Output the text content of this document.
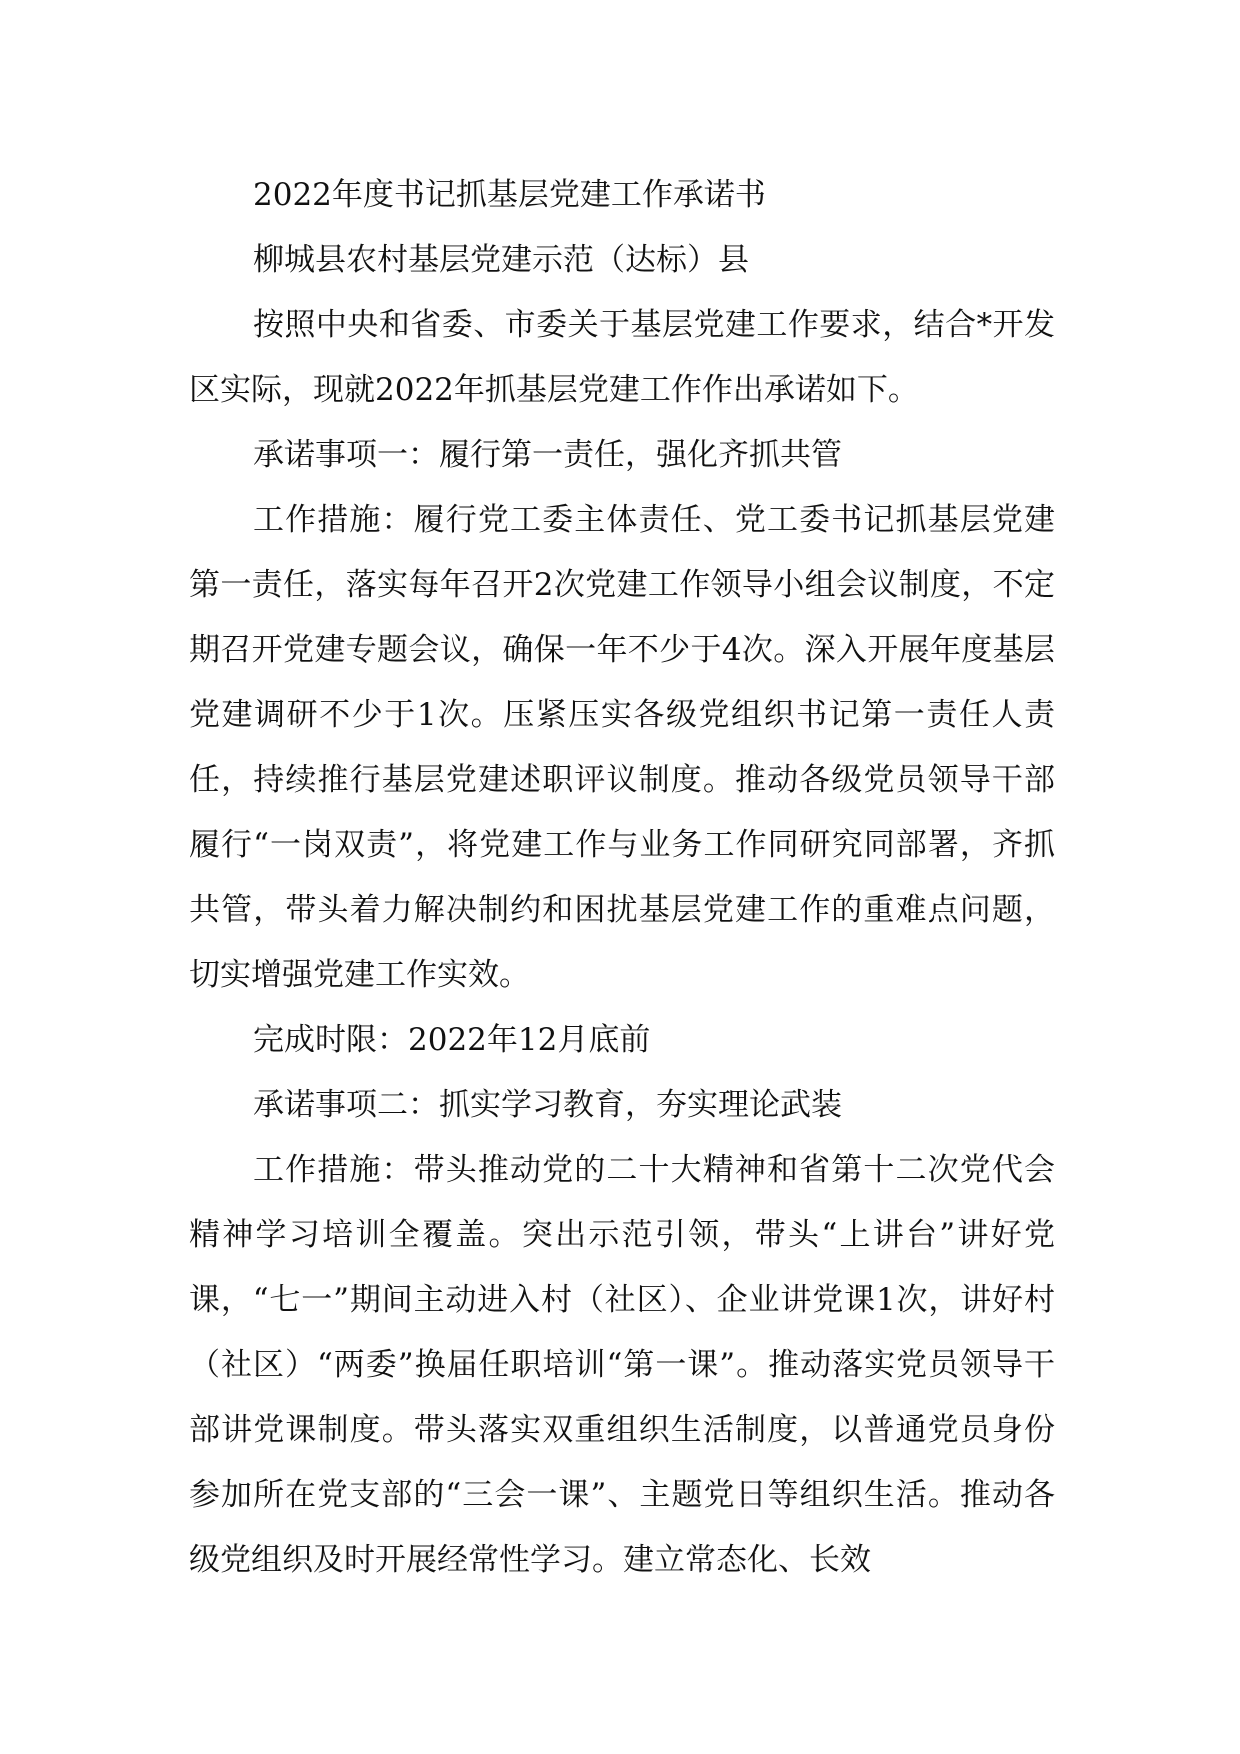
2022年度书记抓基层党建工作承诺书

柳城县农村基层党建示范（达标）县

按照中央和省委、市委关于基层党建工作要求，结合*开发区实际，现就2022年抓基层党建工作作出承诺如下。

承诺事项一：履行第一责任，强化齐抓共管

工作措施：履行党工委主体责任、党工委书记抓基层党建第一责任，落实每年召开2次党建工作领导小组会议制度，不定期召开党建专题会议，确保一年不少于4次。深入开展年度基层党建调研不少于1次。压紧压实各级党组织书记第一责任人责任，持续推行基层党建述职评议制度。推动各级党员领导干部履行“一岗双责”，将党建工作与业务工作同研究同部署，齐抓共管，带头着力解决制约和困扰基层党建工作的重难点问题，切实增强党建工作实效。

完成时限：2022年12月底前

承诺事项二：抓实学习教育，夯实理论武装

工作措施：带头推动党的二十大精神和省第十二次党代会精神学习培训全覆盖。突出示范引领，带头“上讲台”讲好党课，“七一”期间主动进入村（社区）、企业讲党课1次，讲好村（社区）“两委”换届任职培训“第一课”。推动落实党员领导干部讲党课制度。带头落实双重组织生活制度，以普通党员身份参加所在党支部的“三会一课”、主题党日等组织生活。推动各级党组织及时开展经常性学习。建立常态化、长效
